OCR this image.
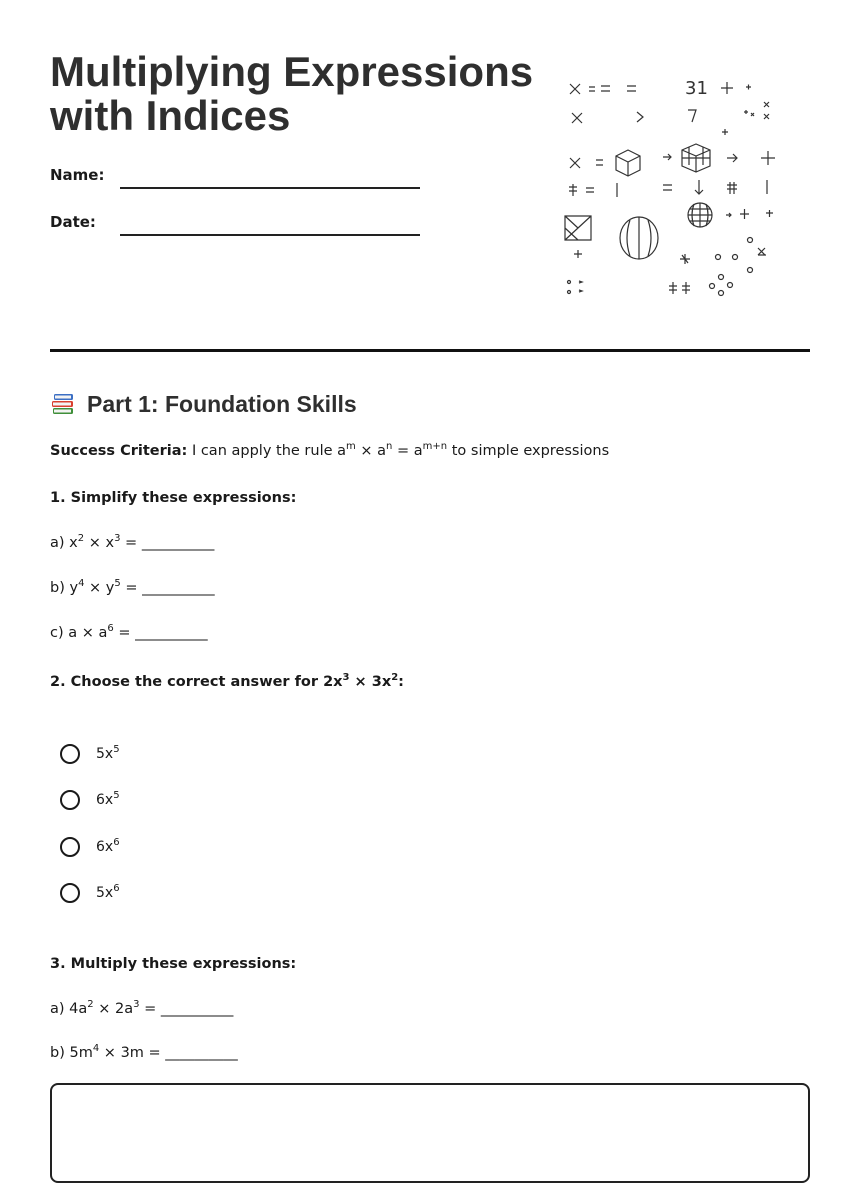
Multiplying Expressions with Indices
Name:
Date:
31
Part 1: Foundation Skills
Success Criteria: I can apply the rule $a^m \times a^n = a^{m+n}$ to simple expressions
1. Simplify these expressions:
a) $x^2 \times x^3$ = __________
b) $y^4 \times y^5$ = __________
c) $a \times a^6$ = __________
2. Choose the correct answer for $2x^3 \times 3x^2$:
$5x^5$
$6x^5$
$6x^6$
$5x^6$
3. Multiply these expressions:
a) $4a^2 \times 2a^3$ = __________
b) $5m^4 \times 3m$ = __________
